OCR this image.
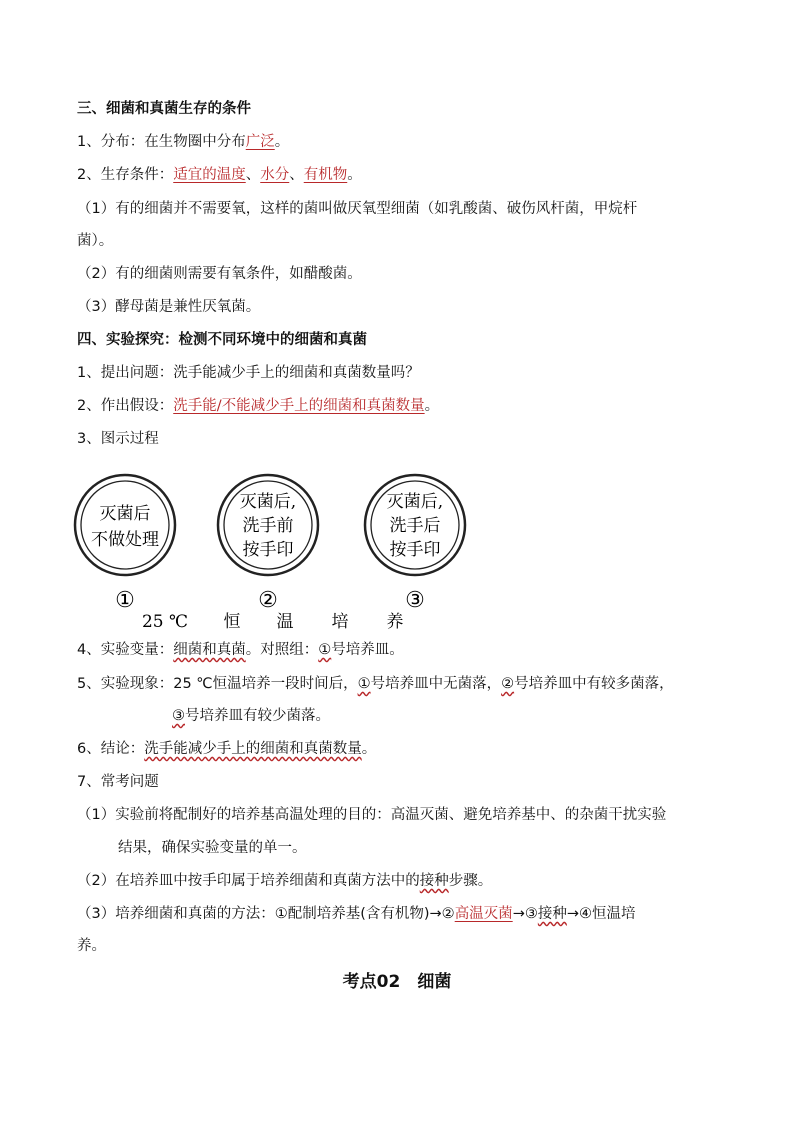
三、细菌和真菌生存的条件
1、分布：在生物圈中分布广泛。
2、生存条件：适宜的温度、水分、有机物。
（1）有的细菌并不需要氧，这样的菌叫做厌氧型细菌（如乳酸菌、破伤风杆菌，甲烷杆
菌）。
（2）有的细菌则需要有氧条件，如醋酸菌。
（3）酵母菌是兼性厌氧菌。
四、实验探究：检测不同环境中的细菌和真菌
1、提出问题：洗手能减少手上的细菌和真菌数量吗？
2、作出假设：洗手能/不能减少手上的细菌和真菌数量。
3、图示过程
灭菌后
不做处理
①
灭菌后,
洗手前
按手印
②
灭菌后,
洗手后
按手印
③
25 ℃ 恒 温 培 养
4、实验变量：细菌和真菌。对照组：①号培养皿。
5、实验现象：25 ℃恒温培养一段时间后，①号培养皿中无菌落，②号培养皿中有较多菌落，
③号培养皿有较少菌落。
6、结论：洗手能减少手上的细菌和真菌数量。
7、常考问题
（1）实验前将配制好的培养基高温处理的目的：高温灭菌、避免培养基中、的杂菌干扰实验
结果，确保实验变量的单一。
（2）在培养皿中按手印属于培养细菌和真菌方法中的接种步骤。
（3）培养细菌和真菌的方法：①配制培养基(含有机物)→②高温灭菌→③接种→④恒温培
养。
考点02　细菌
